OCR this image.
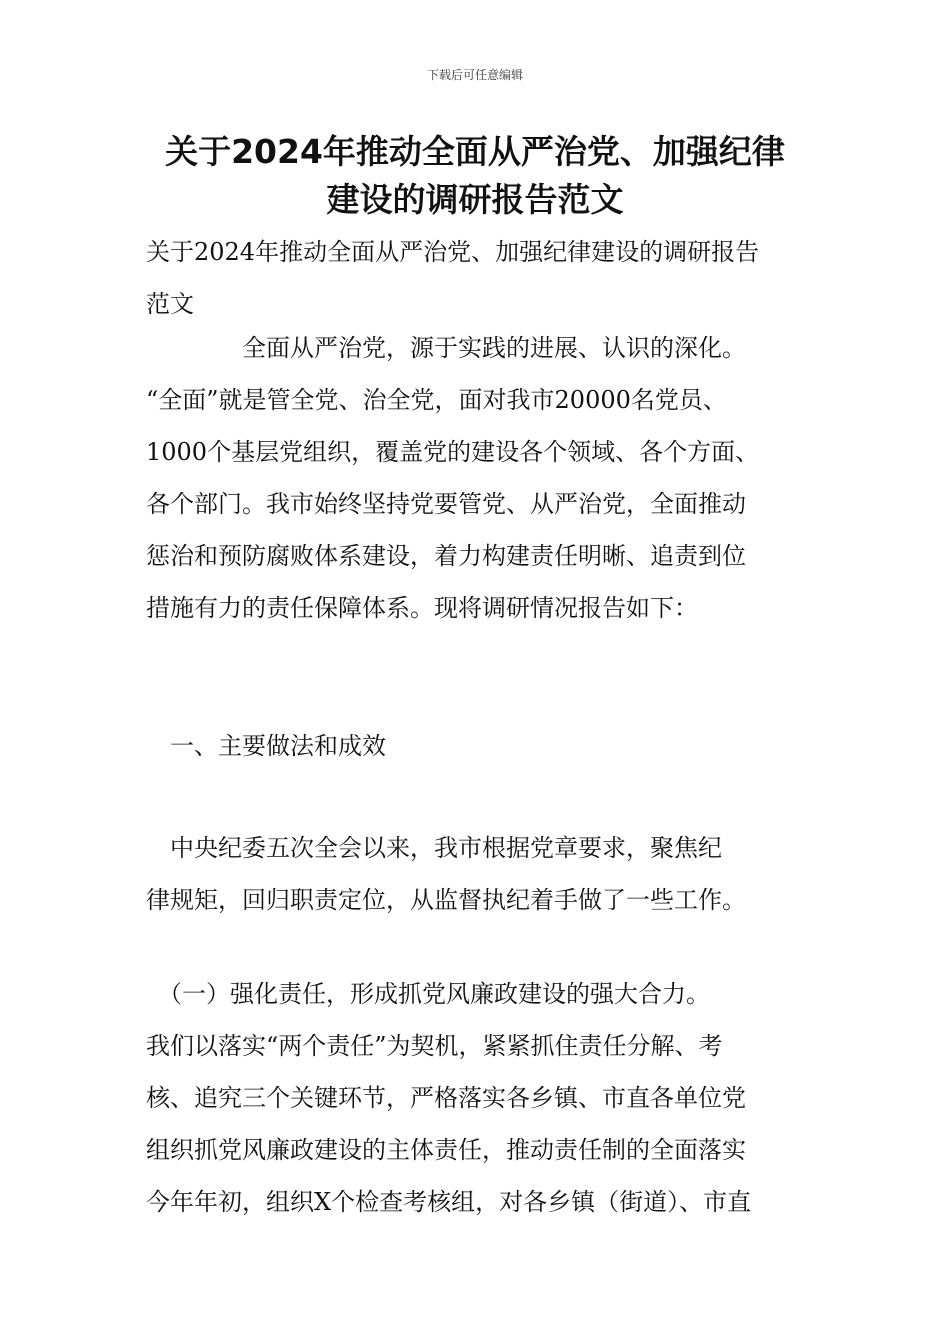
下载后可任意编辑
关于2024年推动全面从严治党、加强纪律
建设的调研报告范文
关于2024年推动全面从严治党、加强纪律建设的调研报告
范文
　　　　全面从严治党，源于实践的进展、认识的深化。
“全面”就是管全党、治全党，面对我市20000名党员、
1000个基层党组织，覆盖党的建设各个领域、各个方面、
各个部门。我市始终坚持党要管党、从严治党，全面推动
惩治和预防腐败体系建设，着力构建责任明晰、追责到位
措施有力的责任保障体系。现将调研情况报告如下：
　一、主要做法和成效
　中央纪委五次全会以来，我市根据党章要求，聚焦纪
律规矩，回归职责定位，从监督执纪着手做了一些工作。
　（一）强化责任，形成抓党风廉政建设的强大合力。
我们以落实“两个责任”为契机，紧紧抓住责任分解、考
核、追究三个关键环节，严格落实各乡镇、市直各单位党
组织抓党风廉政建设的主体责任，推动责任制的全面落实
今年年初，组织X个检查考核组，对各乡镇（街道）、市直
